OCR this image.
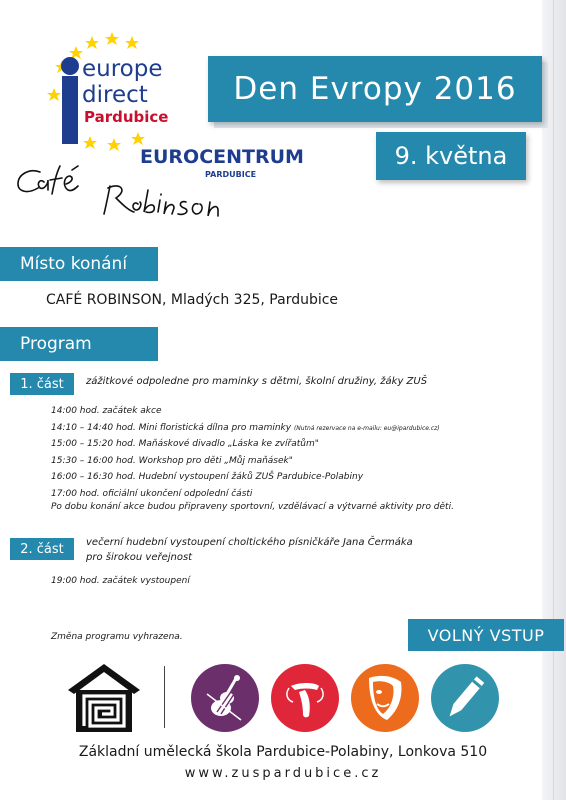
europe
direct
Pardubice
EUROCENTRUM
PARDUBICE
Den Evropy 2016
9. května
Místo konání
CAFÉ ROBINSON, Mladých 325, Pardubice
Program
1. část	zážitkové odpoledne pro maminky s dětmi, školní družiny, žáky ZUŠ
14:00 hod. začátek akce
14:10 – 14:40 hod. Mini floristická dílna pro maminky (Nutná rezervace na e-mailu: eu@ipardubice.cz)
15:00 – 15:20 hod. Maňáskové divadlo „Láska ke zvířatům"
15:30 – 16:00 hod. Workshop pro děti „Můj maňásek"
16:00 – 16:30 hod. Hudební vystoupení žáků ZUŠ Pardubice-Polabiny
17:00 hod. oficiální ukončení odpolední části
Po dobu konání akce budou připraveny sportovní, vzdělávací a výtvarné aktivity pro děti.
2. část	večerní hudební vystoupení choltického písničkáře Jana Čermáka
pro širokou veřejnost
19:00 hod. začátek vystoupení
Změna programu vyhrazena.	VOLNÝ VSTUP
Základní umělecká škola Pardubice-Polabiny, Lonkova 510
www.zuspardubice.cz
